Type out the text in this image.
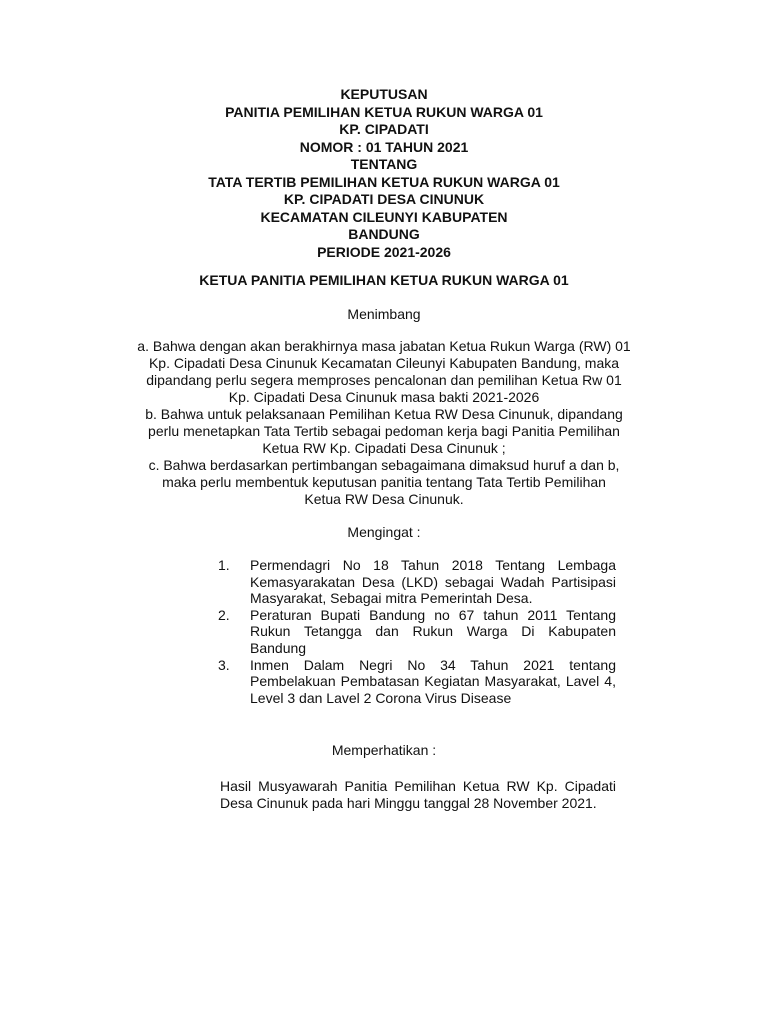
KEPUTUSAN
PANITIA PEMILIHAN KETUA RUKUN WARGA 01
KP. CIPADATI
NOMOR : 01 TAHUN 2021
TENTANG
TATA TERTIB PEMILIHAN KETUA RUKUN WARGA 01
KP. CIPADATI DESA CINUNUK
KECAMATAN CILEUNYI KABUPATEN
BANDUNG
PERIODE 2021-2026
KETUA PANITIA PEMILIHAN KETUA RUKUN WARGA 01
Menimbang
a. Bahwa dengan akan berakhirnya masa jabatan Ketua Rukun Warga (RW) 01
Kp. Cipadati Desa Cinunuk Kecamatan Cileunyi Kabupaten Bandung, maka
dipandang perlu segera memproses pencalonan dan pemilihan Ketua Rw 01
Kp. Cipadati Desa Cinunuk masa bakti 2021-2026
b. Bahwa untuk pelaksanaan Pemilihan Ketua RW Desa Cinunuk, dipandang
perlu menetapkan Tata Tertib sebagai pedoman kerja bagi Panitia Pemilihan
Ketua RW Kp. Cipadati Desa Cinunuk ;
c. Bahwa berdasarkan pertimbangan sebagaimana dimaksud huruf a dan b,
maka perlu membentuk keputusan panitia tentang Tata Tertib Pemilihan
Ketua RW Desa Cinunuk.
Mengingat :
1.	Permendagri No 18 Tahun 2018 Tentang Lembaga Kemasyarakatan Desa (LKD) sebagai Wadah Partisipasi Masyarakat, Sebagai mitra Pemerintah Desa.
2.	Peraturan Bupati Bandung no 67 tahun 2011 Tentang Rukun Tetangga dan Rukun Warga Di Kabupaten Bandung
3.	Inmen Dalam Negri No 34 Tahun 2021 tentang Pembelakuan Pembatasan Kegiatan Masyarakat, Lavel 4, Level 3 dan Lavel 2 Corona Virus Disease
Memperhatikan :
Hasil Musyawarah Panitia Pemilihan Ketua RW Kp. Cipadati Desa Cinunuk pada hari Minggu tanggal 28 November 2021.
